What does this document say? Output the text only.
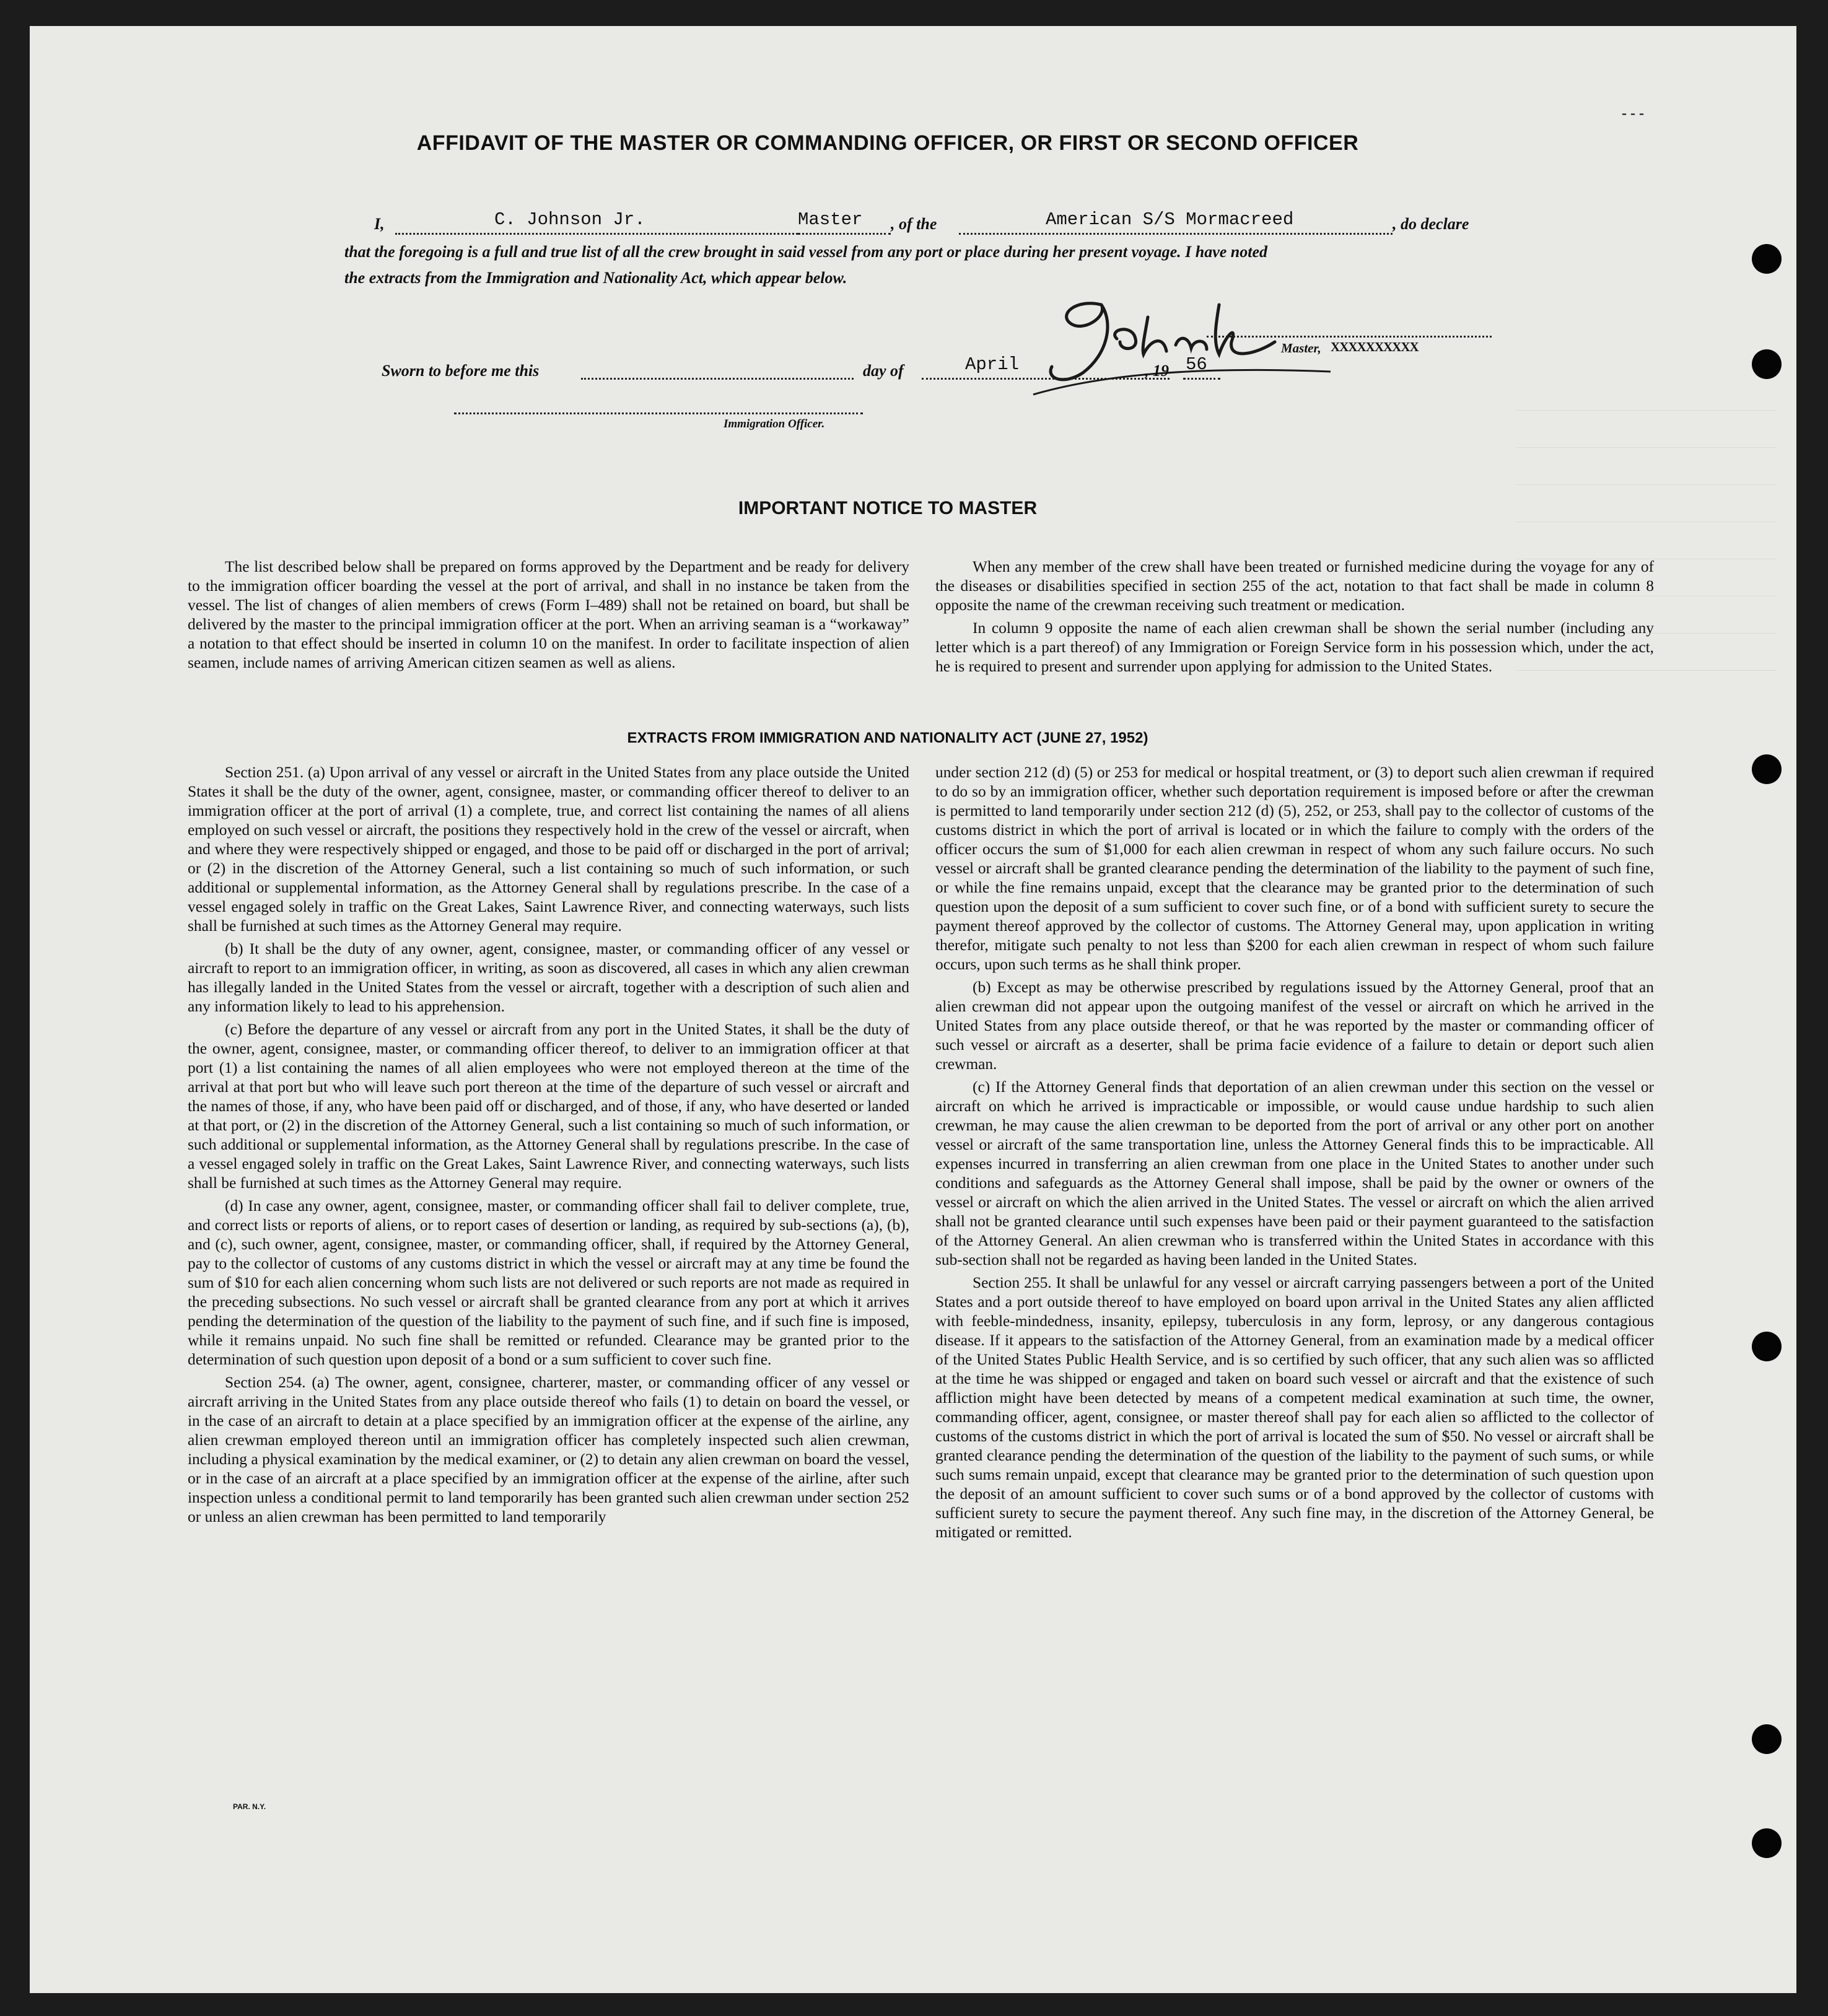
- - -
AFFIDAVIT OF THE MASTER OR COMMANDING OFFICER, OR FIRST OR SECOND OFFICER
I,	C. Johnson Jr.	Master , of the	American S/S Mormacreed	, do declare
that the foregoing is a full and true list of all the crew brought in said vessel from any port or place during her present voyage. I have noted
the extracts from the Immigration and Nationality Act, which appear below.
Master, XXXXXXXXXX
Sworn to before me this	day of	April	, 19 56
Immigration Officer.
IMPORTANT NOTICE TO MASTER

The list described below shall be prepared on forms approved by the Department and be ready for delivery to the immigration officer boarding the vessel at the port of arrival, and shall in no instance be taken from the vessel. The list of changes of alien members of crews (Form I–489) shall not be retained on board, but shall be delivered by the master to the principal immigration officer at the port. When an arriving seaman is a “workaway” a notation to that effect should be inserted in column 10 on the manifest. In order to facilitate inspection of alien seamen, include names of arriving American citizen seamen as well as aliens.

When any member of the crew shall have been treated or furnished medicine during the voyage for any of the diseases or disabilities specified in section 255 of the act, notation to that fact shall be made in column 8 opposite the name of the crewman receiving such treatment or medication.

In column 9 opposite the name of each alien crewman shall be shown the serial number (including any letter which is a part thereof) of any Immigration or Foreign Service form in his possession which, under the act, he is required to present and surrender upon applying for admission to the United States.

EXTRACTS FROM IMMIGRATION AND NATIONALITY ACT (JUNE 27, 1952)

Section 251. (a) Upon arrival of any vessel or aircraft in the United States from any place outside the United States it shall be the duty of the owner, agent, consignee, master, or commanding officer thereof to deliver to an immigration officer at the port of arrival (1) a complete, true, and correct list containing the names of all aliens employed on such vessel or aircraft, the positions they respectively hold in the crew of the vessel or aircraft, when and where they were respectively shipped or engaged, and those to be paid off or discharged in the port of arrival; or (2) in the discretion of the Attorney General, such a list containing so much of such information, or such additional or supplemental information, as the Attorney General shall by regulations prescribe. In the case of a vessel engaged solely in traffic on the Great Lakes, Saint Lawrence River, and connecting waterways, such lists shall be furnished at such times as the Attorney General may require.

(b) It shall be the duty of any owner, agent, consignee, master, or commanding officer of any vessel or aircraft to report to an immigration officer, in writing, as soon as discovered, all cases in which any alien crewman has illegally landed in the United States from the vessel or aircraft, together with a description of such alien and any information likely to lead to his apprehension.

(c) Before the departure of any vessel or aircraft from any port in the United States, it shall be the duty of the owner, agent, consignee, master, or commanding officer thereof, to deliver to an immigration officer at that port (1) a list containing the names of all alien employees who were not employed thereon at the time of the arrival at that port but who will leave such port thereon at the time of the departure of such vessel or aircraft and the names of those, if any, who have been paid off or discharged, and of those, if any, who have deserted or landed at that port, or (2) in the discretion of the Attorney General, such a list containing so much of such information, or such additional or supplemental information, as the Attorney General shall by regulations prescribe. In the case of a vessel engaged solely in traffic on the Great Lakes, Saint Lawrence River, and connecting waterways, such lists shall be furnished at such times as the Attorney General may require.

(d) In case any owner, agent, consignee, master, or commanding officer shall fail to deliver complete, true, and correct lists or reports of aliens, or to report cases of desertion or landing, as required by sub-sections (a), (b), and (c), such owner, agent, consignee, master, or commanding officer, shall, if required by the Attorney General, pay to the collector of customs of any customs district in which the vessel or aircraft may at any time be found the sum of $10 for each alien concerning whom such lists are not delivered or such reports are not made as required in the preceding subsections. No such vessel or aircraft shall be granted clearance from any port at which it arrives pending the determination of the question of the liability to the payment of such fine, and if such fine is imposed, while it remains unpaid. No such fine shall be remitted or refunded. Clearance may be granted prior to the determination of such question upon deposit of a bond or a sum sufficient to cover such fine.

Section 254. (a) The owner, agent, consignee, charterer, master, or commanding officer of any vessel or aircraft arriving in the United States from any place outside thereof who fails (1) to detain on board the vessel, or in the case of an aircraft to detain at a place specified by an immigration officer at the expense of the airline, any alien crewman employed thereon until an immigration officer has completely inspected such alien crewman, including a physical examination by the medical examiner, or (2) to detain any alien crewman on board the vessel, or in the case of an aircraft at a place specified by an immigration officer at the expense of the airline, after such inspection unless a conditional permit to land temporarily has been granted such alien crewman under section 252 or unless an alien crewman has been permitted to land temporarily

under section 212 (d) (5) or 253 for medical or hospital treatment, or (3) to deport such alien crewman if required to do so by an immigration officer, whether such deportation requirement is imposed before or after the crewman is permitted to land temporarily under section 212 (d) (5), 252, or 253, shall pay to the collector of customs of the customs district in which the port of arrival is located or in which the failure to comply with the orders of the officer occurs the sum of $1,000 for each alien crewman in respect of whom any such failure occurs. No such vessel or aircraft shall be granted clearance pending the determination of the liability to the payment of such fine, or while the fine remains unpaid, except that the clearance may be granted prior to the determination of such question upon the deposit of a sum sufficient to cover such fine, or of a bond with sufficient surety to secure the payment thereof approved by the collector of customs. The Attorney General may, upon application in writing therefor, mitigate such penalty to not less than $200 for each alien crewman in respect of whom such failure occurs, upon such terms as he shall think proper.

(b) Except as may be otherwise prescribed by regulations issued by the Attorney General, proof that an alien crewman did not appear upon the outgoing manifest of the vessel or aircraft on which he arrived in the United States from any place outside thereof, or that he was reported by the master or commanding officer of such vessel or aircraft as a deserter, shall be prima facie evidence of a failure to detain or deport such alien crewman.

(c) If the Attorney General finds that deportation of an alien crewman under this section on the vessel or aircraft on which he arrived is impracticable or impossible, or would cause undue hardship to such alien crewman, he may cause the alien crewman to be deported from the port of arrival or any other port on another vessel or aircraft of the same transportation line, unless the Attorney General finds this to be impracticable. All expenses incurred in transferring an alien crewman from one place in the United States to another under such conditions and safeguards as the Attorney General shall impose, shall be paid by the owner or owners of the vessel or aircraft on which the alien arrived in the United States. The vessel or aircraft on which the alien arrived shall not be granted clearance until such expenses have been paid or their payment guaranteed to the satisfaction of the Attorney General. An alien crewman who is transferred within the United States in accordance with this sub-section shall not be regarded as having been landed in the United States.

Section 255. It shall be unlawful for any vessel or aircraft carrying passengers between a port of the United States and a port outside thereof to have employed on board upon arrival in the United States any alien afflicted with feeble-mindedness, insanity, epilepsy, tuberculosis in any form, leprosy, or any dangerous contagious disease. If it appears to the satisfaction of the Attorney General, from an examination made by a medical officer of the United States Public Health Service, and is so certified by such officer, that any such alien was so afflicted at the time he was shipped or engaged and taken on board such vessel or aircraft and that the existence of such affliction might have been detected by means of a competent medical examination at such time, the owner, commanding officer, agent, consignee, or master thereof shall pay for each alien so afflicted to the collector of customs of the customs district in which the port of arrival is located the sum of $50. No vessel or aircraft shall be granted clearance pending the determination of the question of the liability to the payment of such sums, or while such sums remain unpaid, except that clearance may be granted prior to the determination of such question upon the deposit of an amount sufficient to cover such sums or of a bond approved by the collector of customs with sufficient surety to secure the payment thereof. Any such fine may, in the discretion of the Attorney General, be mitigated or remitted.

PAR. N.Y.
